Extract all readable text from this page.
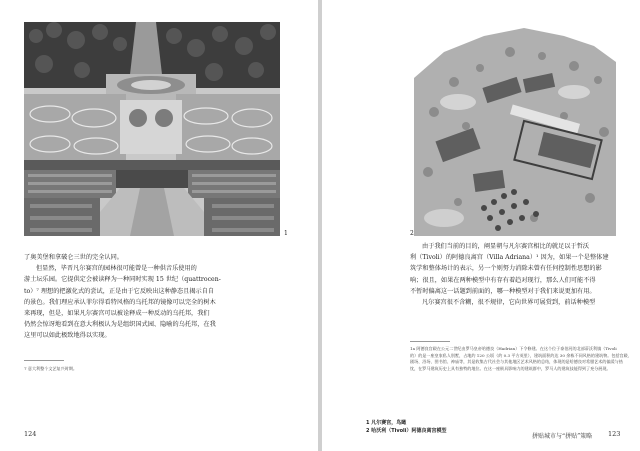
1

了奥美堡和拿破仑三世的完全认同。

但显然，毕晋凡尔赛宫的园林很可能曾是一种供音乐使用的

游土坛乐园。它提供定会被读释为一种同时实现 15 世纪（quattrocen-

to）⁷ 理想的把激化式的尝试，正是由于它反映出这种静态且揭示自自

的景色。我们理应承认菲尔得看特风格的乌托邦的镜像可以完全的树木

来再现，但是，如果凡尔赛宫可以被诠释成一种反动的乌托邦，我们

仍然会惊讶地看到在意大利极认为是组织国式园、隐喻的乌托邦，在我

这里可以如此极致地得以实现。

7 意大利整个文艺复兴时期。

124
2

由于我们当前的目的，阐显朝与凡尔赛宫相比的就足以于哲沃

利（Tivoli）的阿德良离宫（Villa Adriana）¹ 因为，如果一个是整体建

筑学和整体场计的表示，另一个则努力消除未曾有任何控制性思想的影

响；很且，如果在两种模型中有存有着趋对现行，那么人们可能不得

不暂时偏离这一话题到前面的，哪一种模型对于我们来说更加有用。

凡尔赛宫很不含糊，很不规律，它向世界可展赏到，前话种模型

1a 阿德良宫殿在公元二世纪由罗马皇帝哈德良（Hadrian）下令修建。在这个位于泰伯河的北部蒂沃利镇（Tivoli

的）的是一座皇家私人别墅，占地约 120 公顷（约 0.3 平方英里），建筑面积约达 30 余栋不同风格的建筑物。包括宫殿、

剧场、浴场、图书馆、神庙等，其是收集古代社会与其他地区艺术风格的总结，体现的是哈德良对希腊艺术的偏爱与热

忱，在罗马建筑历史上具有独特的地位。在这一座极具影响力的建筑群中，罗马人的建筑技能得到了充分展现。

1 凡尔赛宫，鸟瞰

2 哈沃利（Tivoli）阿德良离宫模型

拼贴城市与“拼贴”策略 123
